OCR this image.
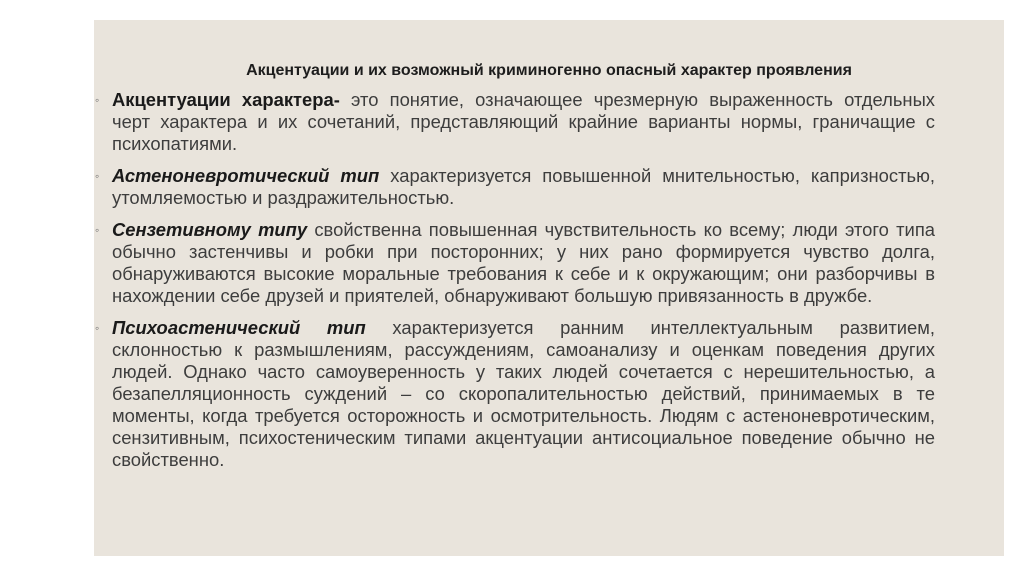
Акцентуации и их возможный криминогенно опасный характер проявления
◦ Акцентуации характера- это понятие, означающее чрезмерную выраженность отдельных черт характера и их сочетаний, представляющий крайние варианты нормы, граничащие с психопатиями.
◦ Астеноневротический тип характеризуется повышенной мнительностью, капризностью, утомляемостью и раздражительностью.
◦ Сензетивному типу свойственна повышенная чувствительность ко всему; люди этого типа обычно застенчивы и робки при посторонних; у них рано формируется чувство долга, обнаруживаются высокие моральные требования к себе и к окружающим; они разборчивы в нахождении себе друзей и приятелей, обнаруживают большую привязанность в дружбе.
◦ Психоастенический тип характеризуется ранним интеллектуальным развитием, склонностью к размышлениям, рассуждениям, самоанализу и оценкам поведения других людей. Однако часто самоуверенность у таких людей сочетается с нерешительностью, а безапелляционность суждений – со скоропалительностью действий, принимаемых в те моменты, когда требуется осторожность и осмотрительность. Людям с астеноневротическим, сензитивным, психостеническим типами акцентуации антисоциальное поведение обычно не свойственно.
